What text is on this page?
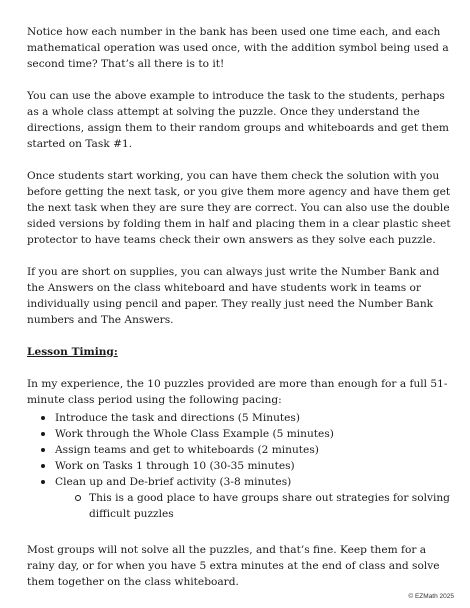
Notice how each number in the bank has been used one time each, and each mathematical operation was used once, with the addition symbol being used a second time? That’s all there is to it!

You can use the above example to introduce the task to the students, perhaps as a whole class attempt at solving the puzzle. Once they understand the directions, assign them to their random groups and whiteboards and get them started on Task #1.

Once students start working, you can have them check the solution with you before getting the next task, or you give them more agency and have them get the next task when they are sure they are correct. You can also use the double sided versions by folding them in half and placing them in a clear plastic sheet protector to have teams check their own answers as they solve each puzzle.

If you are short on supplies, you can always just write the Number Bank and the Answers on the class whiteboard and have students work in teams or individually using pencil and paper. They really just need the Number Bank numbers and The Answers.

Lesson Timing:

In my experience, the 10 puzzles provided are more than enough for a full 51-minute class period using the following pacing:

Introduce the task and directions (5 Minutes)
Work through the Whole Class Example (5 minutes)
Assign teams and get to whiteboards (2 minutes)
Work on Tasks 1 through 10 (30-35 minutes)
Clean up and De-brief activity (3-8 minutes)
This is a good place to have groups share out strategies for solving difficult puzzles

Most groups will not solve all the puzzles, and that’s fine. Keep them for a rainy day, or for when you have 5 extra minutes at the end of class and solve them together on the class whiteboard.

© EZMath 2025
